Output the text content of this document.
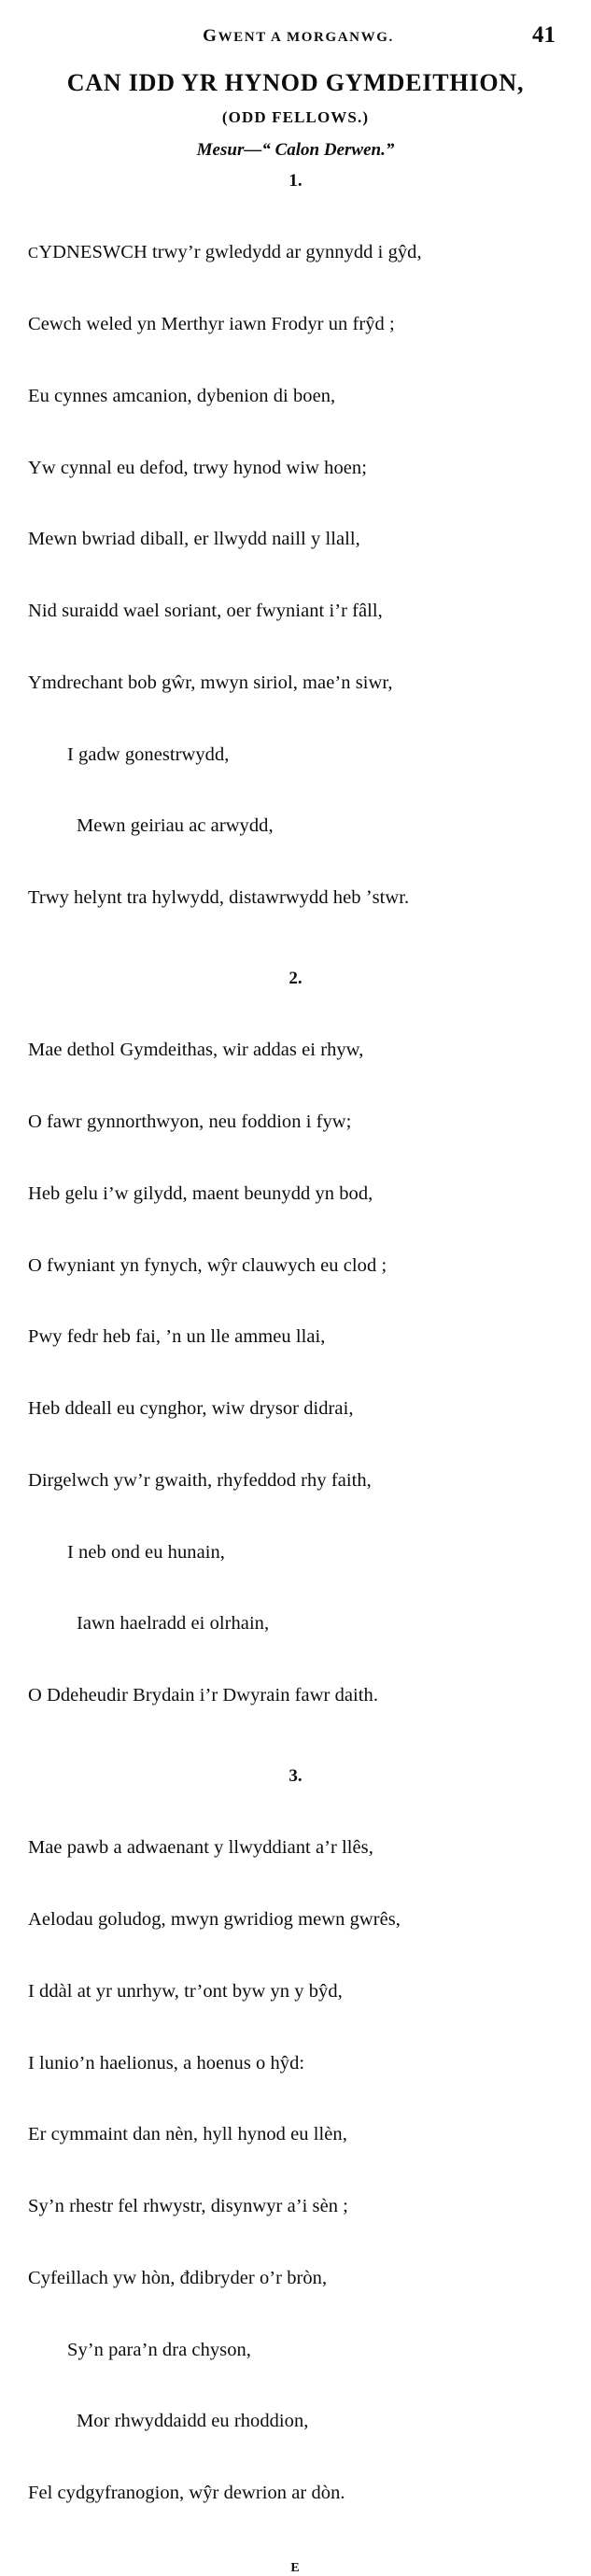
GWENT A MORGANWG.	41
CAN IDD YR HYNOD GYMDEITHION,
(ODD FELLOWS.)
Mesur—“ Calon Derwen.”
1.

CYDNESWCH trwy’r gwledydd ar gynnydd i gŷd,

Cewch weled yn Merthyr iawn Frodyr un frŷd ;

Eu cynnes amcanion, dybenion di boen,

Yw cynnal eu defod, trwy hynod wiw hoen;

Mewn bwriad diball, er llwydd naill y llall,

Nid suraidd wael soriant, oer fwyniant i’r fâll,

Ymdrechant bob gŵr, mwyn siriol, mae’n siwr,

I gadw gonestrwydd,

Mewn geiriau ac arwydd,

Trwy helynt tra hylwydd, distawrwydd heb ʼstwr.

2.

Mae dethol Gymdeithas, wir addas ei rhyw,

O fawr gynnorthwyon, neu foddion i fyw;

Heb gelu i’w gilydd, maent beunydd yn bod,

O fwyniant yn fynych, wŷr clauwych eu clod ;

Pwy fedr heb fai, ’n un lle ammeu llai,

Heb ddeall eu cynghor, wiw drysor didrai,

Dirgelwch yw’r gwaith, rhyfeddod rhy faith,

I neb ond eu hunain,

Iawn haelradd ei olrhain,

O Ddeheudir Brydain i’r Dwyrain fawr daith.

3.

Mae pawb a adwaenant y llwyddiant a’r llês,

Aelodau goludog, mwyn gwridiog mewn gwrês,

I ddàl at yr unrhyw, tr’ont byw yn y bŷd,

I lunio’n haelionus, a hoenus o hŷd:

Er cymmaint dan nèn, hyll hynod eu llèn,

Sy’n rhestr fel rhwystr, disynwyr a’i sèn ;

Cyfeillach yw hòn, đdibryder o’r bròn,

Sy’n para’n dra chyson,

Mor rhwyddaidd eu rhoddion,

Fel cydgyfranogion, wŷr dewrion ar dòn.

E
